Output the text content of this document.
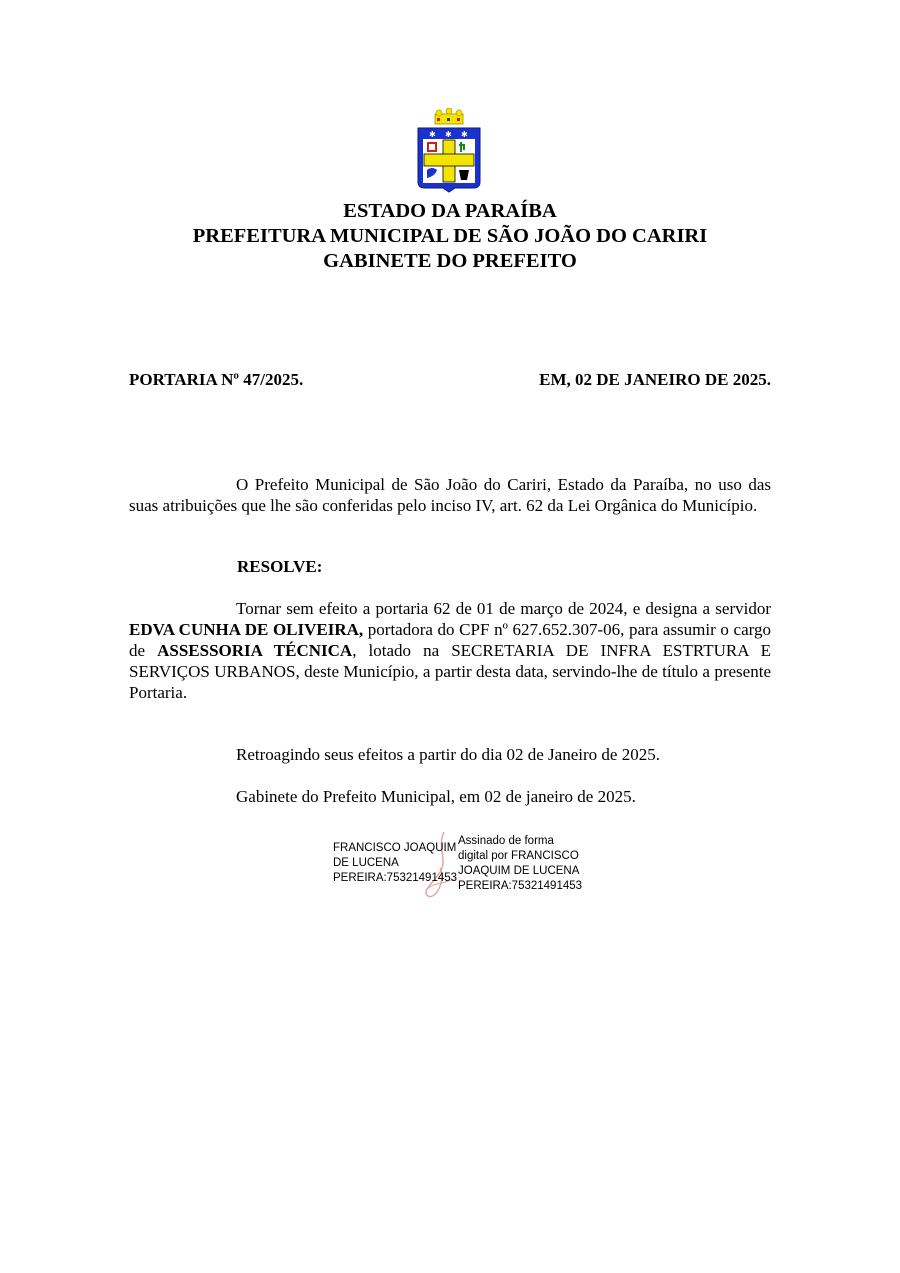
✱ ✱ ✱
ESTADO DA PARAÍBA
PREFEITURA MUNICIPAL DE SÃO JOÃO DO CARIRI
GABINETE DO PREFEITO
PORTARIA Nº 47/2025.	EM, 02 DE JANEIRO DE 2025.
O Prefeito Municipal de São João do Cariri, Estado da Paraíba, no uso das suas atribuições que lhe são conferidas pelo inciso IV, art. 62 da Lei Orgânica do Município.
RESOLVE:
Tornar sem efeito a portaria 62 de 01 de março de 2024, e designa a servidor EDVA CUNHA DE OLIVEIRA, portadora do CPF nº 627.652.307-06, para assumir o cargo de ASSESSORIA TÉCNICA, lotado na SECRETARIA DE INFRA ESTRTURA E SERVIÇOS URBANOS, deste Município, a partir desta data, servindo-lhe de título a presente Portaria.
Retroagindo seus efeitos a partir do dia 02 de Janeiro de 2025.
Gabinete do Prefeito Municipal, em 02 de janeiro de 2025.
FRANCISCO JOAQUIM
DE LUCENA
PEREIRA:75321491453
Assinado de forma
digital por FRANCISCO
JOAQUIM DE LUCENA
PEREIRA:75321491453
